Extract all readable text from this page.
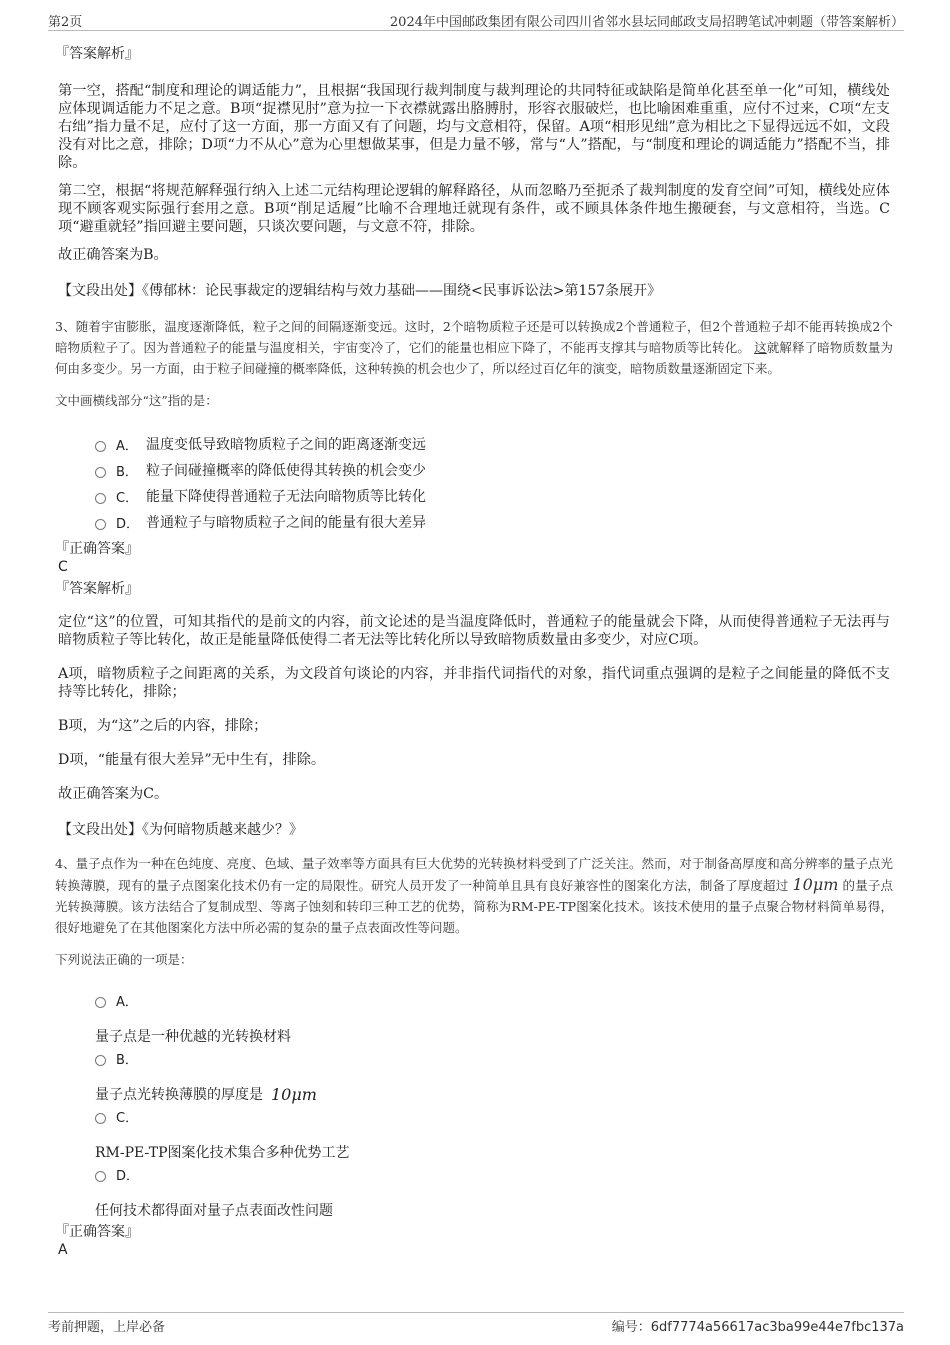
第2页	2024年中国邮政集团有限公司四川省邻水县坛同邮政支局招聘笔试冲刺题（带答案解析）
『答案解析』

第一空，搭配“制度和理论的调适能力”，且根据“我国现行裁判制度与裁判理论的共同特征或缺陷是简单化甚至单一化”可知，横线处应体现调适能力不足之意。B项“捉襟见肘”意为拉一下衣襟就露出胳膊肘，形容衣服破烂，也比喻困难重重，应付不过来，C项“左支右绌”指力量不足，应付了这一方面，那一方面又有了问题，均与文意相符，保留。A项“相形见绌”意为相比之下显得远远不如，文段没有对比之意，排除；D项“力不从心”意为心里想做某事，但是力量不够，常与“人”搭配，与“制度和理论的调适能力”搭配不当，排除。

第二空，根据“将规范解释强行纳入上述二元结构理论逻辑的解释路径，从而忽略乃至扼杀了裁判制度的发育空间”可知，横线处应体现不顾客观实际强行套用之意。B项“削足适履”比喻不合理地迁就现有条件，或不顾具体条件地生搬硬套，与文意相符，当选。C项“避重就轻”指回避主要问题，只谈次要问题，与文意不符，排除。

故正确答案为B。

【文段出处】《傅郁林：论民事裁定的逻辑结构与效力基础——围绕<民事诉讼法>第157条展开》
3、随着宇宙膨胀，温度逐渐降低，粒子之间的间隔逐渐变远。这时，2个暗物质粒子还是可以转换成2个普通粒子，但2个普通粒子却不能再转换成2个暗物质粒子了。因为普通粒子的能量与温度相关，宇宙变冷了，它们的能量也相应下降了，不能再支撑其与暗物质等比转化。 这就解释了暗物质数量为何由多变少。另一方面，由于粒子间碰撞的概率降低，这种转换的机会也少了，所以经过百亿年的演变，暗物质数量逐渐固定下来。
文中画横线部分“这”指的是：
A． 温度变低导致暗物质粒子之间的距离逐渐变远
B． 粒子间碰撞概率的降低使得其转换的机会变少
C． 能量下降使得普通粒子无法向暗物质等比转化
D． 普通粒子与暗物质粒子之间的能量有很大差异
『正确答案』
C
『答案解析』

定位“这”的位置，可知其指代的是前文的内容，前文论述的是当温度降低时，普通粒子的能量就会下降，从而使得普通粒子无法再与暗物质粒子等比转化，故正是能量降低使得二者无法等比转化所以导致暗物质数量由多变少，对应C项。

A项，暗物质粒子之间距离的关系，为文段首句谈论的内容，并非指代词指代的对象，指代词重点强调的是粒子之间能量的降低不支持等比转化，排除；

B项，为“这”之后的内容，排除；

D项，“能量有很大差异”无中生有，排除。

故正确答案为C。

【文段出处】《为何暗物质越来越少？》
4、量子点作为一种在色纯度、亮度、色域、量子效率等方面具有巨大优势的光转换材料受到了广泛关注。然而，对于制备高厚度和高分辨率的量子点光转换薄膜，现有的量子点图案化技术仍有一定的局限性。研究人员开发了一种简单且具有良好兼容性的图案化方法，制备了厚度超过 10μm 的量子点光转换薄膜。该方法结合了复制成型、等离子蚀刻和转印三种工艺的优势，简称为RM-PE-TP图案化技术。该技术使用的量子点聚合物材料简单易得，很好地避免了在其他图案化方法中所必需的复杂的量子点表面改性等问题。
下列说法正确的一项是：
A．
量子点是一种优越的光转换材料
B．
量子点光转换薄膜的厚度是 10μm
C．
RM-PE-TP图案化技术集合多种优势工艺
D．
任何技术都得面对量子点表面改性问题
『正确答案』
A
考前押题，上岸必备	编号：6df7774a56617ac3ba99e44e7fbc137a
